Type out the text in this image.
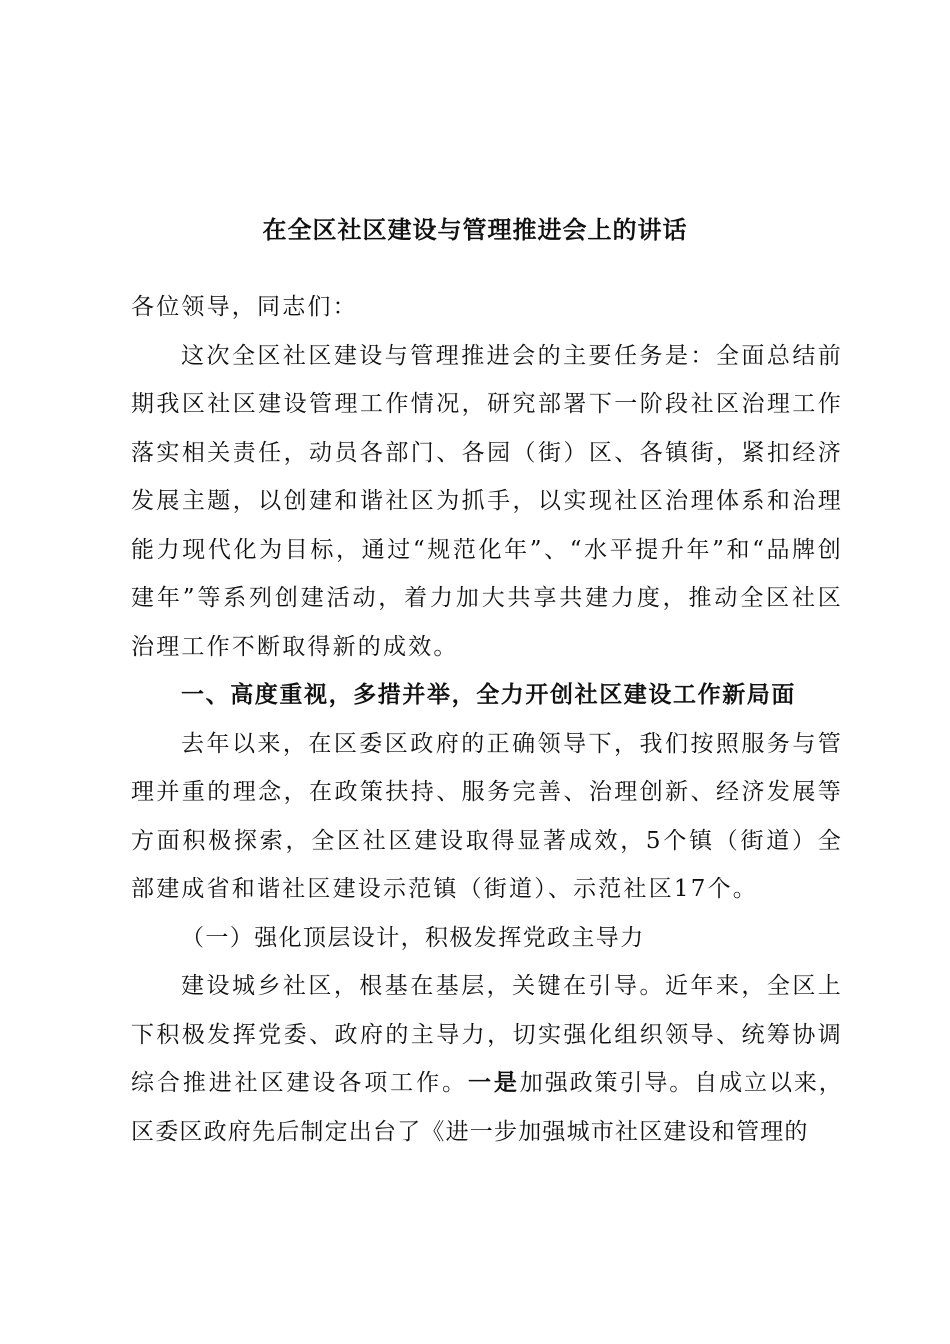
在全区社区建设与管理推进会上的讲话

各位领导，同志们：

这次全区社区建设与管理推进会的主要任务是：全面总结前期我区社区建设管理工作情况，研究部署下一阶段社区治理工作落实相关责任，动员各部门、各园（街）区、各镇街，紧扣经济发展主题，以创建和谐社区为抓手，以实现社区治理体系和治理能力现代化为目标，通过“规范化年”、“水平提升年”和“品牌创建年”等系列创建活动，着力加大共享共建力度，推动全区社区治理工作不断取得新的成效。

一、高度重视，多措并举，全力开创社区建设工作新局面

去年以来，在区委区政府的正确领导下，我们按照服务与管理并重的理念，在政策扶持、服务完善、治理创新、经济发展等方面积极探索，全区社区建设取得显著成效，5个镇（街道）全部建成省和谐社区建设示范镇（街道）、示范社区17个。

（一）强化顶层设计，积极发挥党政主导力

建设城乡社区，根基在基层，关键在引导。近年来，全区上下积极发挥党委、政府的主导力，切实强化组织领导、统筹协调综合推进社区建设各项工作。一是加强政策引导。自成立以来，区委区政府先后制定出台了《进一步加强城市社区建设和管理的
